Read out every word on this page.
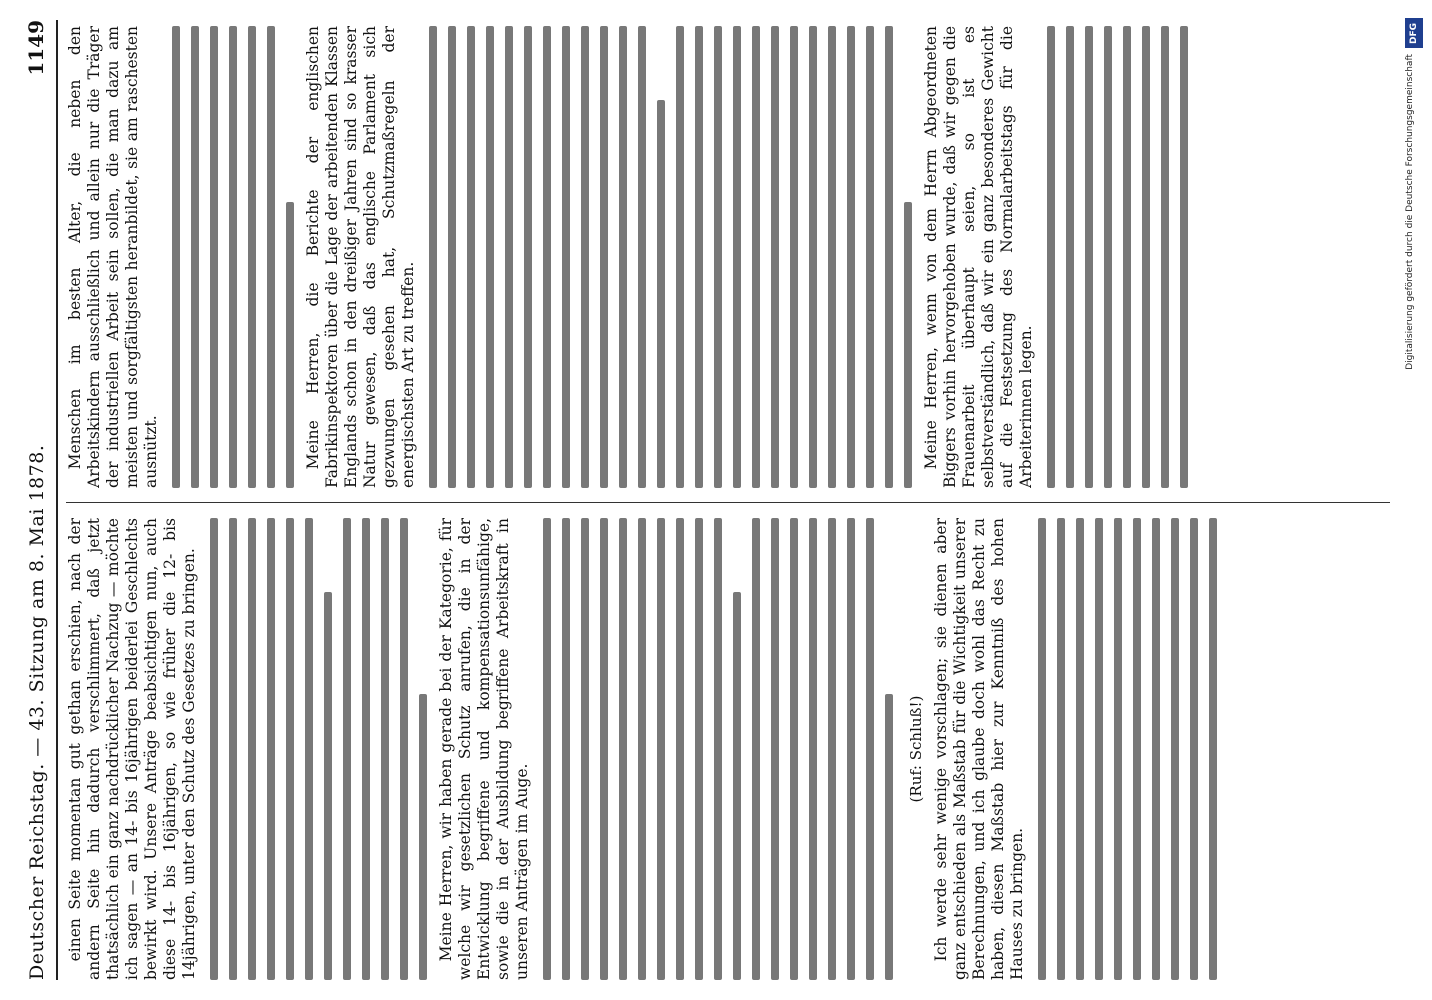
Deutscher Reichstag. — 43. Sitzung am 8. Mai 1878.
1149

einen Seite momentan gut gethan erschien, nach der andern Seite hin dadurch verschlimmert, daß jetzt thatsächlich ein ganz nachdrücklicher Nachzug — möchte ich sagen — an 14- bis 16jährigen beiderlei Geschlechts bewirkt wird. Unsere Anträge beabsichtigen nun, auch diese 14- bis 16jährigen, so wie früher die 12- bis 14jährigen, unter den Schutz des Gesetzes zu bringen.	Meine Herren, wir haben gerade bei der Kategorie, für welche wir gesetzlichen Schutz anrufen, die in der Entwicklung begriffene und kompensationsunfähige, sowie die in der Ausbildung begriffene Arbeitskraft in unseren Anträgen im Auge.

(Ruf: Schluß!) Ich werde sehr wenige vorschlagen; sie dienen aber ganz entschieden als Maßstab für die Wichtigkeit unserer Berechnungen, und ich glaube doch wohl das Recht zu haben, diesen Maßstab hier zur Kenntniß des hohen Hauses zu bringen.

Menschen im besten Alter, die neben den Arbeitskindern ausschließlich und allein nur die Träger der industriellen Arbeit sein sollen, die man dazu am meisten und sorgfältigsten heranbildet, sie am raschesten ausnützt.	Meine Herren, die Berichte der englischen Fabrikinspektoren über die Lage der arbeitenden Klassen Englands schon in den dreißiger Jahren sind so krasser Natur gewesen, daß das englische Parlament sich gezwungen gesehen hat, Schutzmaßregeln der energischsten Art zu treffen.	Meine Herren, wenn von dem Herrn Abgeordneten Biggers vorhin hervorgehoben wurde, daß wir gegen die Frauenarbeit überhaupt seien, so ist es selbstverständlich, daß wir ein ganz besonderes Gewicht auf die Festsetzung des Normalarbeitstags für die Arbeiterinnen legen.

DFG
Digitalisierung gefördert durch die Deutsche Forschungsgemeinschaft
